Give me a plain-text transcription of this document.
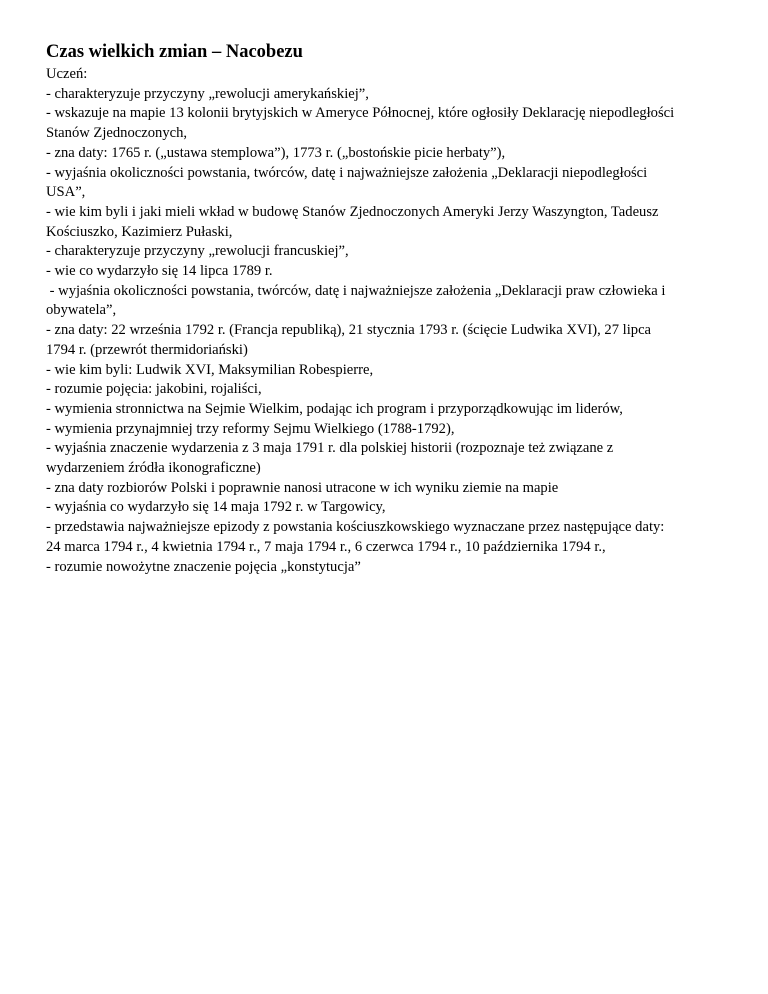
Czas wielkich zmian – Nacobezu

Uczeń:

- charakteryzuje przyczyny „rewolucji amerykańskiej”,

- wskazuje na mapie 13 kolonii brytyjskich w Ameryce Północnej, które ogłosiły Deklarację niepodległości

Stanów Zjednoczonych,

- zna daty: 1765 r. („ustawa stemplowa”), 1773 r. („bostońskie picie herbaty”),

- wyjaśnia okoliczności powstania, twórców, datę i najważniejsze założenia „Deklaracji niepodległości

USA”,

- wie kim byli i jaki mieli wkład w budowę Stanów Zjednoczonych Ameryki Jerzy Waszyngton, Tadeusz

Kościuszko, Kazimierz Pułaski,

- charakteryzuje przyczyny „rewolucji francuskiej”,

- wie co wydarzyło się 14 lipca 1789 r.

- wyjaśnia okoliczności powstania, twórców, datę i najważniejsze założenia „Deklaracji praw człowieka i

obywatela”,

- zna daty: 22 września 1792 r. (Francja republiką), 21 stycznia 1793 r. (ścięcie Ludwika XVI), 27 lipca

1794 r. (przewrót thermidoriański)

- wie kim byli: Ludwik XVI, Maksymilian Robespierre,

- rozumie pojęcia: jakobini, rojaliści,

- wymienia stronnictwa na Sejmie Wielkim, podając ich program i przyporządkowując im liderów,

- wymienia przynajmniej trzy reformy Sejmu Wielkiego (1788-1792),

- wyjaśnia znaczenie wydarzenia z 3 maja 1791 r. dla polskiej historii (rozpoznaje też związane z

wydarzeniem źródła ikonograficzne)

- zna daty rozbiorów Polski i poprawnie nanosi utracone w ich wyniku ziemie na mapie

- wyjaśnia co wydarzyło się 14 maja 1792 r. w Targowicy,

- przedstawia najważniejsze epizody z powstania kościuszkowskiego wyznaczane przez następujące daty:

24 marca 1794 r., 4 kwietnia 1794 r., 7 maja 1794 r., 6 czerwca 1794 r., 10 października 1794 r.,

- rozumie nowożytne znaczenie pojęcia „konstytucja”
